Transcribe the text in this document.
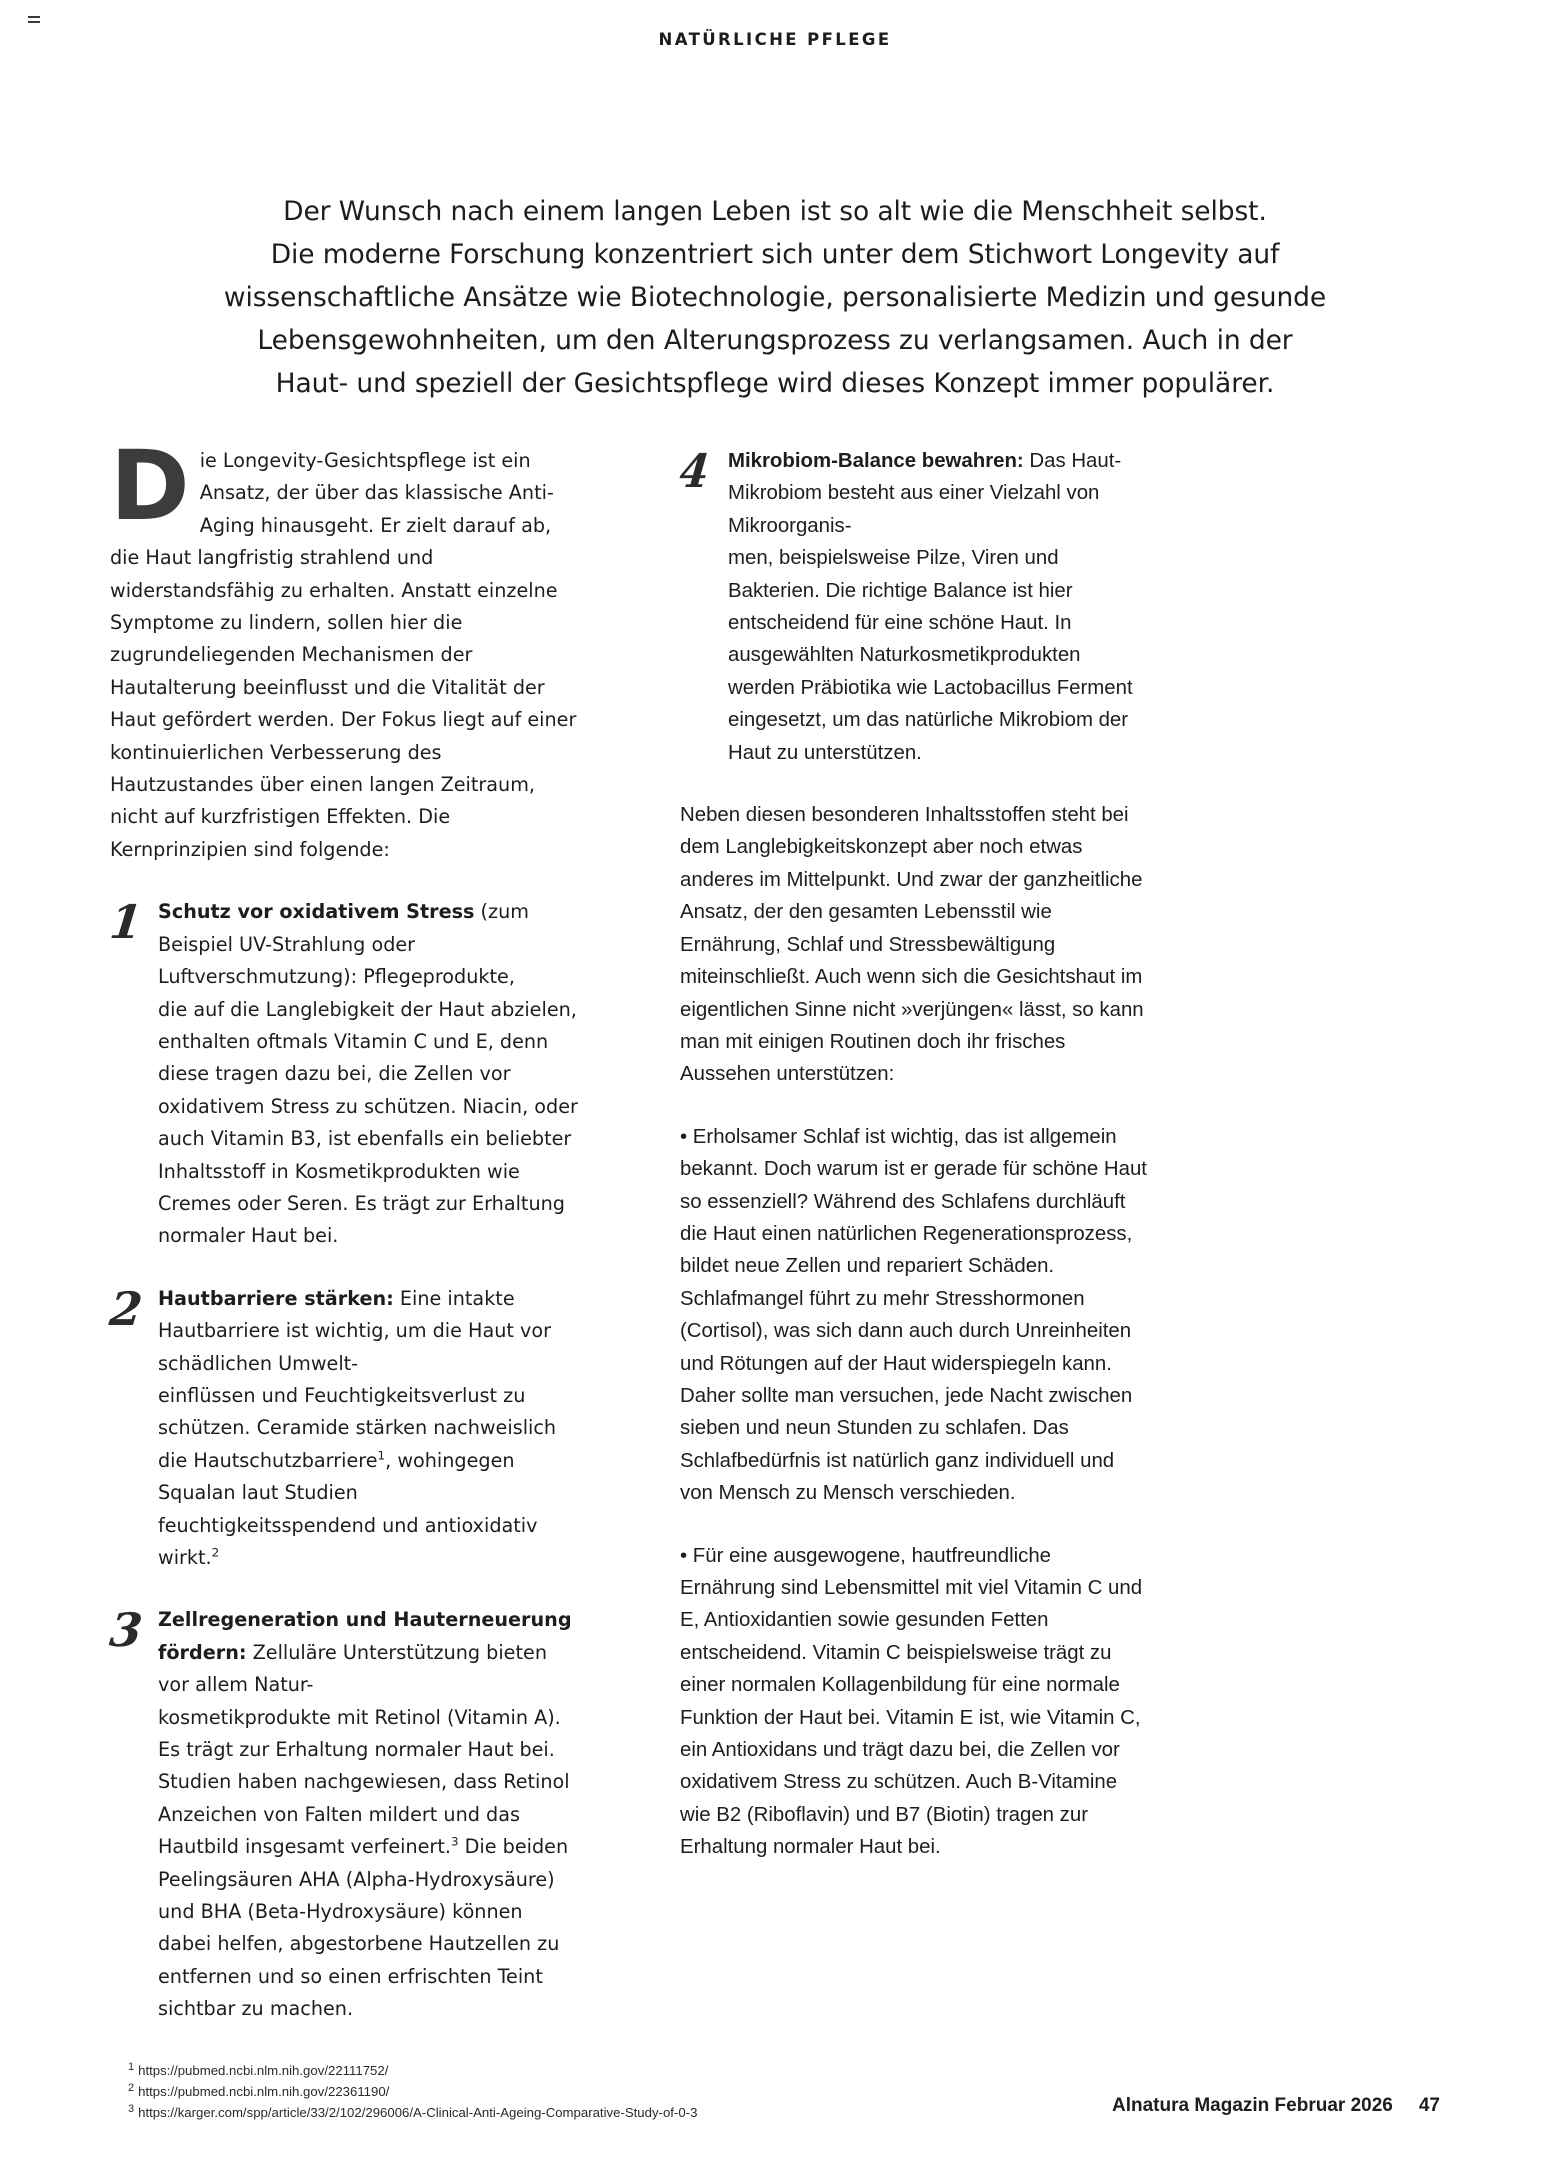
NATÜRLICHE PFLEGE

Der Wunsch nach einem langen Leben ist so alt wie die Menschheit selbst.

Die moderne Forschung konzentriert sich unter dem Stichwort Longevity auf

wissenschaftliche Ansätze wie Biotechnologie, personalisierte Medizin und gesunde

Lebensgewohnheiten, um den Alterungsprozess zu verlangsamen. Auch in der

Haut- und speziell der Gesichtspflege wird dieses Konzept immer populärer.

Die Longevity-Gesichtspflege ist ein Ansatz, der über das klassische Anti-Aging hinausgeht. Er zielt darauf ab, die Haut langfristig strahlend und widerstandsfähig zu erhalten. Anstatt einzelne Symptome zu lindern, sollen hier die zugrundeliegenden Mechanismen der Hautalterung beeinflusst und die Vitalität der Haut gefördert werden. Der Fokus liegt auf einer kontinuierlichen Verbesserung des Hautzustandes über einen langen Zeitraum, nicht auf kurzfristigen Effekten. Die Kernprinzipien sind folgende:

1 Schutz vor oxidativem Stress (zum Beispiel UV-Strahlung oder Luftverschmutzung): Pflegeprodukte,

die auf die Langlebigkeit der Haut abzielen, enthalten oftmals Vitamin C und E, denn diese tragen dazu bei, die Zellen vor oxidativem Stress zu schützen. Niacin, oder auch Vitamin B3, ist ebenfalls ein beliebter Inhaltsstoff in Kosmetikprodukten wie Cremes oder Seren. Es trägt zur Erhaltung normaler Haut bei.

2 Hautbarriere stärken: Eine intakte Hautbarriere ist wichtig, um die Haut vor schädlichen Umwelt-

einflüssen und Feuchtigkeitsverlust zu schützen. Ceramide stärken nachweislich die Hautschutzbarriere$^1$, wohingegen Squalan laut Studien feuchtigkeitsspendend und antioxidativ wirkt.$^2$

3 Zellregeneration und Hauterneuerung fördern: Zelluläre Unterstützung bieten vor allem Natur-

kosmetikprodukte mit Retinol (Vitamin A). Es trägt zur Erhaltung normaler Haut bei. Studien haben nachgewiesen, dass Retinol Anzeichen von Falten mildert und das Hautbild insgesamt verfeinert.$^3$ Die beiden Peelingsäuren AHA (Alpha-Hydroxysäure) und BHA (Beta-Hydroxysäure) können dabei helfen, abgestorbene Hautzellen zu entfernen und so einen erfrischten Teint sichtbar zu machen.

4 Mikrobiom-Balance bewahren: Das Haut-Mikrobiom besteht aus einer Vielzahl von Mikroorganis-

men, beispielsweise Pilze, Viren und Bakterien. Die richtige Balance ist hier entscheidend für eine schöne Haut. In ausgewählten Naturkosmetikprodukten werden Präbiotika wie Lactobacillus Ferment eingesetzt, um das natürliche Mikrobiom der Haut zu unterstützen.

Neben diesen besonderen Inhaltsstoffen steht bei dem Langlebigkeitskonzept aber noch etwas anderes im Mittelpunkt. Und zwar der ganzheitliche Ansatz, der den gesamten Lebensstil wie Ernährung, Schlaf und Stressbewältigung miteinschließt. Auch wenn sich die Gesichtshaut im eigentlichen Sinne nicht »verjüngen« lässt, so kann man mit einigen Routinen doch ihr frisches Aussehen unterstützen:

• Erholsamer Schlaf ist wichtig, das ist allgemein bekannt. Doch warum ist er gerade für schöne Haut so essenziell? Während des Schlafens durchläuft die Haut einen natürlichen Regenerationsprozess, bildet neue Zellen und repariert Schäden. Schlafmangel führt zu mehr Stresshormonen (Cortisol), was sich dann auch durch Unreinheiten und Rötungen auf der Haut widerspiegeln kann. Daher sollte man versuchen, jede Nacht zwischen sieben und neun Stunden zu schlafen. Das Schlafbedürfnis ist natürlich ganz individuell und von Mensch zu Mensch verschieden.

• Für eine ausgewogene, hautfreundliche Ernährung sind Lebensmittel mit viel Vitamin C und E, Antioxidantien sowie gesunden Fetten entscheidend. Vitamin C beispielsweise trägt zu einer normalen Kollagenbildung für eine normale Funktion der Haut bei. Vitamin E ist, wie Vitamin C, ein Antioxidans und trägt dazu bei, die Zellen vor oxidativem Stress zu schützen. Auch B-Vitamine wie B2 (Riboflavin) und B7 (Biotin) tragen zur Erhaltung normaler Haut bei.

$^1$ https://pubmed.ncbi.nlm.nih.gov/22111752/
$^2$ https://pubmed.ncbi.nlm.nih.gov/22361190/
$^3$ https://karger.com/spp/article/33/2/102/296006/A-Clinical-Anti-Ageing-Comparative-Study-of-0-3	Alnatura Magazin Februar 2026 47
